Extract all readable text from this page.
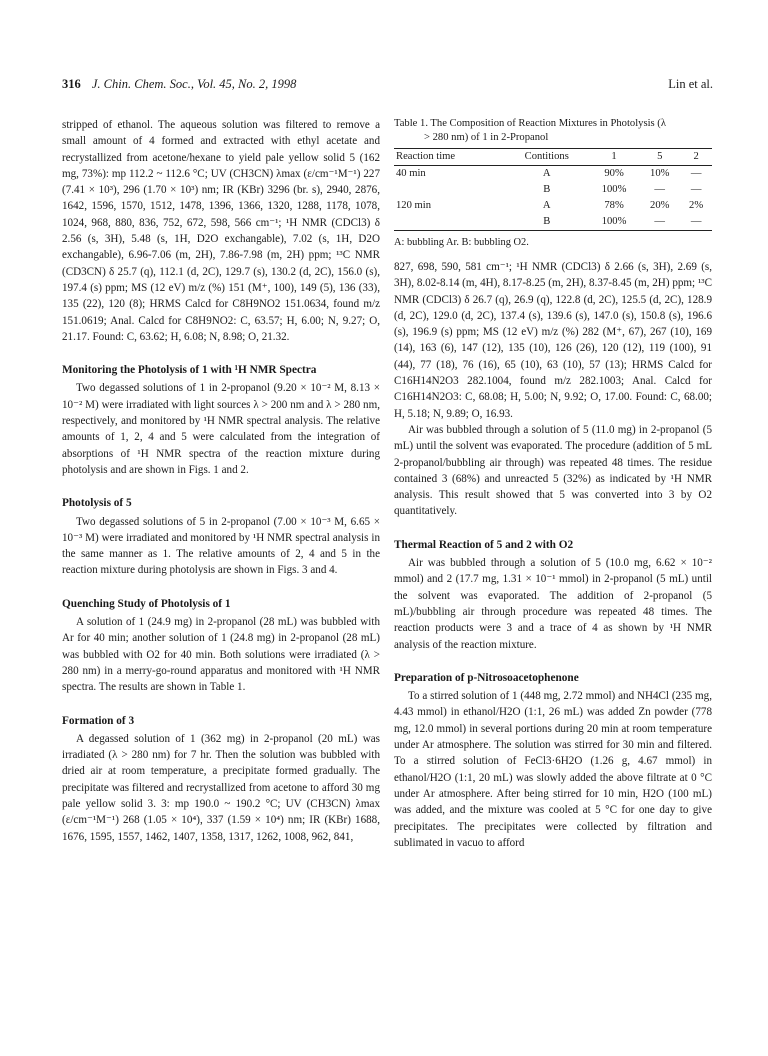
316 J. Chin. Chem. Soc., Vol. 45, No. 2, 1998	Lin et al.

stripped of ethanol. The aqueous solution was filtered to remove a small amount of 4 formed and extracted with ethyl acetate and recrystallized from acetone/hexane to yield pale yellow solid 5 (162 mg, 73%): mp 112.2 ~ 112.6 °C; UV (CH3CN) λmax (ε/cm⁻¹M⁻¹) 227 (7.41 × 10³), 296 (1.70 × 10³) nm; IR (KBr) 3296 (br. s), 2940, 2876, 1642, 1596, 1570, 1512, 1478, 1396, 1366, 1320, 1288, 1178, 1078, 1024, 968, 880, 836, 752, 672, 598, 566 cm⁻¹; ¹H NMR (CDCl3) δ 2.56 (s, 3H), 5.48 (s, 1H, D2O exchangable), 7.02 (s, 1H, D2O exchangable), 6.96-7.06 (m, 2H), 7.86-7.98 (m, 2H) ppm; ¹³C NMR (CD3CN) δ 25.7 (q), 112.1 (d, 2C), 129.7 (s), 130.2 (d, 2C), 156.0 (s), 197.4 (s) ppm; MS (12 eV) m/z (%) 151 (M⁺, 100), 149 (5), 136 (33), 135 (22), 120 (8); HRMS Calcd for C8H9NO2 151.0634, found m/z 151.0619; Anal. Calcd for C8H9NO2: C, 63.57; H, 6.00; N, 9.27; O, 21.17. Found: C, 63.62; H, 6.08; N, 8.98; O, 21.32.

Monitoring the Photolysis of 1 with ¹H NMR Spectra

Two degassed solutions of 1 in 2-propanol (9.20 × 10⁻² M, 8.13 × 10⁻² M) were irradiated with light sources λ > 200 nm and λ > 280 nm, respectively, and monitored by ¹H NMR spectral analysis. The relative amounts of 1, 2, 4 and 5 were calculated from the integration of absorptions of ¹H NMR spectra of the reaction mixture during photolysis and are shown in Figs. 1 and 2.

Photolysis of 5

Two degassed solutions of 5 in 2-propanol (7.00 × 10⁻³ M, 6.65 × 10⁻³ M) were irradiated and monitored by ¹H NMR spectral analysis in the same manner as 1. The relative amounts of 2, 4 and 5 in the reaction mixture during photolysis are shown in Figs. 3 and 4.

Quenching Study of Photolysis of 1

A solution of 1 (24.9 mg) in 2-propanol (28 mL) was bubbled with Ar for 40 min; another solution of 1 (24.8 mg) in 2-propanol (28 mL) was bubbled with O2 for 40 min. Both solutions were irradiated (λ > 280 nm) in a merry-go-round apparatus and monitored with ¹H NMR spectra. The results are shown in Table 1.

Formation of 3

A degassed solution of 1 (362 mg) in 2-propanol (20 mL) was irradiated (λ > 280 nm) for 7 hr. Then the solution was bubbled with dried air at room temperature, a precipitate formed gradually. The precipitate was filtered and recrystallized from acetone to afford 30 mg pale yellow solid 3. 3: mp 190.0 ~ 190.2 °C; UV (CH3CN) λmax (ε/cm⁻¹M⁻¹) 268 (1.05 × 10⁴), 337 (1.59 × 10⁴) nm; IR (KBr) 1688, 1676, 1595, 1557, 1462, 1407, 1358, 1317, 1262, 1008, 962, 841,

Table 1. The Composition of Reaction Mixtures in Photolysis (λ
> 280 nm) of 1 in 2-Propanol
Reaction time	Contitions	1	5	2
40 min	A	90%	10%	—
	B	100%	—	—
120 min	A	78%	20%	2%
	B	100%	—	—
A: bubbling Ar. B: bubbling O2.

827, 698, 590, 581 cm⁻¹; ¹H NMR (CDCl3) δ 2.66 (s, 3H), 2.69 (s, 3H), 8.02-8.14 (m, 4H), 8.17-8.25 (m, 2H), 8.37-8.45 (m, 2H) ppm; ¹³C NMR (CDCl3) δ 26.7 (q), 26.9 (q), 122.8 (d, 2C), 125.5 (d, 2C), 128.9 (d, 2C), 129.0 (d, 2C), 137.4 (s), 139.6 (s), 147.0 (s), 150.8 (s), 196.6 (s), 196.9 (s) ppm; MS (12 eV) m/z (%) 282 (M⁺, 67), 267 (10), 169 (14), 163 (6), 147 (12), 135 (10), 126 (26), 120 (12), 119 (100), 91 (44), 77 (18), 76 (16), 65 (10), 63 (10), 57 (13); HRMS Calcd for C16H14N2O3 282.1004, found m/z 282.1003; Anal. Calcd for C16H14N2O3: C, 68.08; H, 5.00; N, 9.92; O, 17.00. Found: C, 68.00; H, 5.18; N, 9.89; O, 16.93.

Air was bubbled through a solution of 5 (11.0 mg) in 2-propanol (5 mL) until the solvent was evaporated. The procedure (addition of 5 mL 2-propanol/bubbling air through) was repeated 48 times. The residue contained 3 (68%) and unreacted 5 (32%) as indicated by ¹H NMR analysis. This result showed that 5 was converted into 3 by O2 quantitatively.

Thermal Reaction of 5 and 2 with O2

Air was bubbled through a solution of 5 (10.0 mg, 6.62 × 10⁻² mmol) and 2 (17.7 mg, 1.31 × 10⁻¹ mmol) in 2-propanol (5 mL) until the solvent was evaporated. The addition of 2-propanol (5 mL)/bubbling air through procedure was repeated 48 times. The reaction products were 3 and a trace of 4 as shown by ¹H NMR analysis of the reaction mixture.

Preparation of p-Nitrosoacetophenone

To a stirred solution of 1 (448 mg, 2.72 mmol) and NH4Cl (235 mg, 4.43 mmol) in ethanol/H2O (1:1, 26 mL) was added Zn powder (778 mg, 12.0 mmol) in several portions during 20 min at room temperature under Ar atmosphere. The solution was stirred for 30 min and filtered. To a stirred solution of FeCl3·6H2O (1.26 g, 4.67 mmol) in ethanol/H2O (1:1, 20 mL) was slowly added the above filtrate at 0 °C under Ar atmosphere. After being stirred for 10 min, H2O (100 mL) was added, and the mixture was cooled at 5 °C for one day to give precipitates. The precipitates were collected by filtration and sublimated in vacuo to afford
